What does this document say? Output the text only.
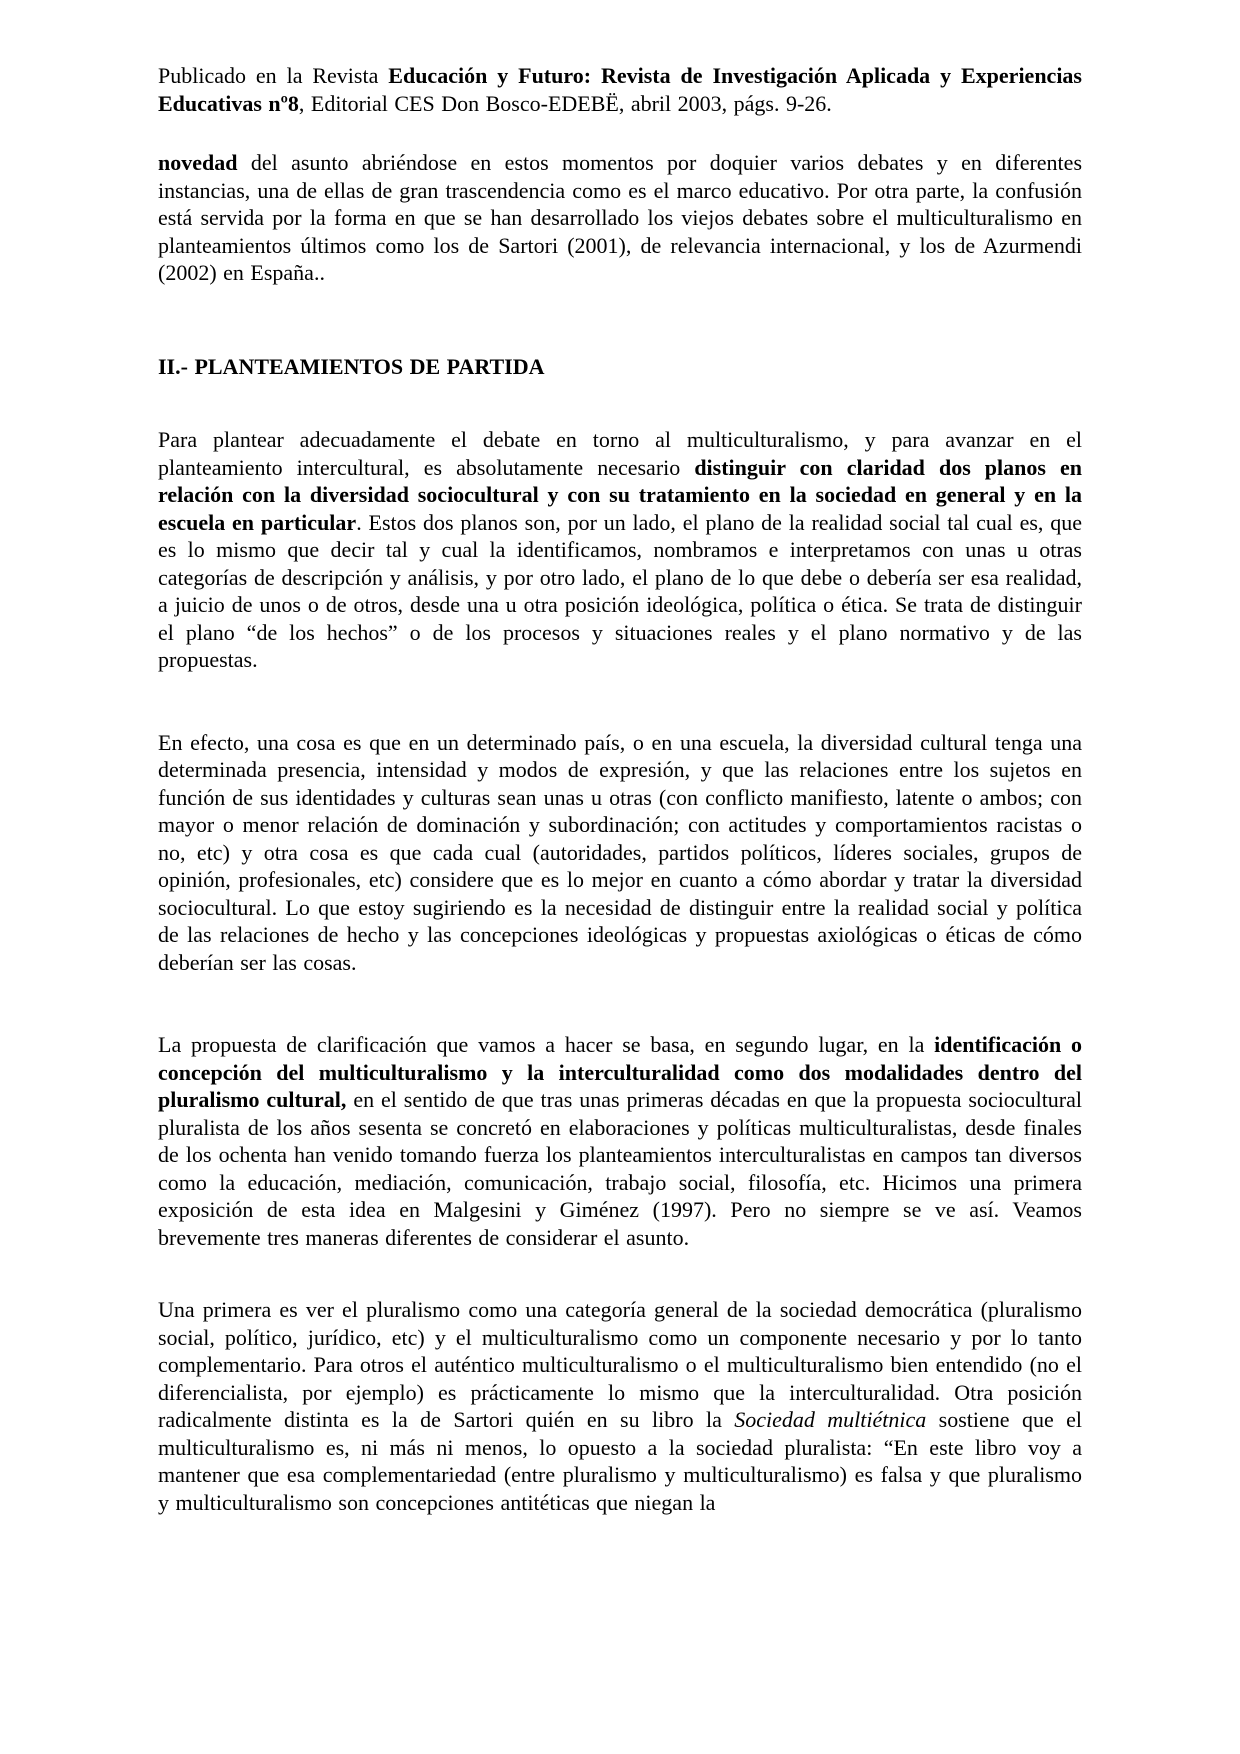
Publicado en la Revista Educación y Futuro: Revista de Investigación Aplicada y Experiencias Educativas nº8, Editorial CES Don Bosco-EDEBË, abril 2003, págs. 9-26.
novedad del asunto abriéndose en estos momentos por doquier varios debates y en diferentes instancias, una de ellas de gran trascendencia como es el marco educativo. Por otra parte, la confusión está servida por la forma en que se han desarrollado los viejos debates sobre el multiculturalismo en planteamientos últimos como los de Sartori (2001), de relevancia internacional, y los de Azurmendi (2002) en España..
II.- PLANTEAMIENTOS DE PARTIDA
Para plantear adecuadamente el debate en torno al multiculturalismo, y para avanzar en el planteamiento intercultural, es absolutamente necesario distinguir con claridad dos planos en relación con la diversidad sociocultural y con su tratamiento en la sociedad en general y en la escuela en particular. Estos dos planos son, por un lado, el plano de la realidad social tal cual es, que es lo mismo que decir tal y cual la identificamos, nombramos e interpretamos con unas u otras categorías de descripción y análisis, y por otro lado, el plano de lo que debe o debería ser esa realidad, a juicio de unos o de otros, desde una u otra posición ideológica, política o ética. Se trata de distinguir el plano “de los hechos” o de los procesos y situaciones reales y el plano normativo y de las propuestas.
En efecto, una cosa es que en un determinado país, o en una escuela, la diversidad cultural tenga una determinada presencia, intensidad y modos de expresión, y que las relaciones entre los sujetos en función de sus identidades y culturas sean unas u otras (con conflicto manifiesto, latente o ambos; con mayor o menor relación de dominación y subordinación; con actitudes y comportamientos racistas o no, etc) y otra cosa es que cada cual (autoridades, partidos políticos, líderes sociales, grupos de opinión, profesionales, etc) considere que es lo mejor en cuanto a cómo abordar y tratar la diversidad sociocultural. Lo que estoy sugiriendo es la necesidad de distinguir entre la realidad social y política de las relaciones de hecho y las concepciones ideológicas y propuestas axiológicas o éticas de cómo deberían ser las cosas.
La propuesta de clarificación que vamos a hacer se basa, en segundo lugar, en la identificación o concepción del multiculturalismo y la interculturalidad como dos modalidades dentro del pluralismo cultural, en el sentido de que tras unas primeras décadas en que la propuesta sociocultural pluralista de los años sesenta se concretó en elaboraciones y políticas multiculturalistas, desde finales de los ochenta han venido tomando fuerza los planteamientos interculturalistas en campos tan diversos como la educación, mediación, comunicación, trabajo social, filosofía, etc. Hicimos una primera exposición de esta idea en Malgesini y Giménez (1997). Pero no siempre se ve así. Veamos brevemente tres maneras diferentes de considerar el asunto.
Una primera es ver el pluralismo como una categoría general de la sociedad democrática (pluralismo social, político, jurídico, etc) y el multiculturalismo como un componente necesario y por lo tanto complementario. Para otros el auténtico multiculturalismo o el multiculturalismo bien entendido (no el diferencialista, por ejemplo) es prácticamente lo mismo que la interculturalidad. Otra posición radicalmente distinta es la de Sartori quién en su libro la Sociedad multiétnica sostiene que el multiculturalismo es, ni más ni menos, lo opuesto a la sociedad pluralista: “En este libro voy a mantener que esa complementariedad (entre pluralismo y multiculturalismo) es falsa y que pluralismo y multiculturalismo son concepciones antitéticas que niegan la
